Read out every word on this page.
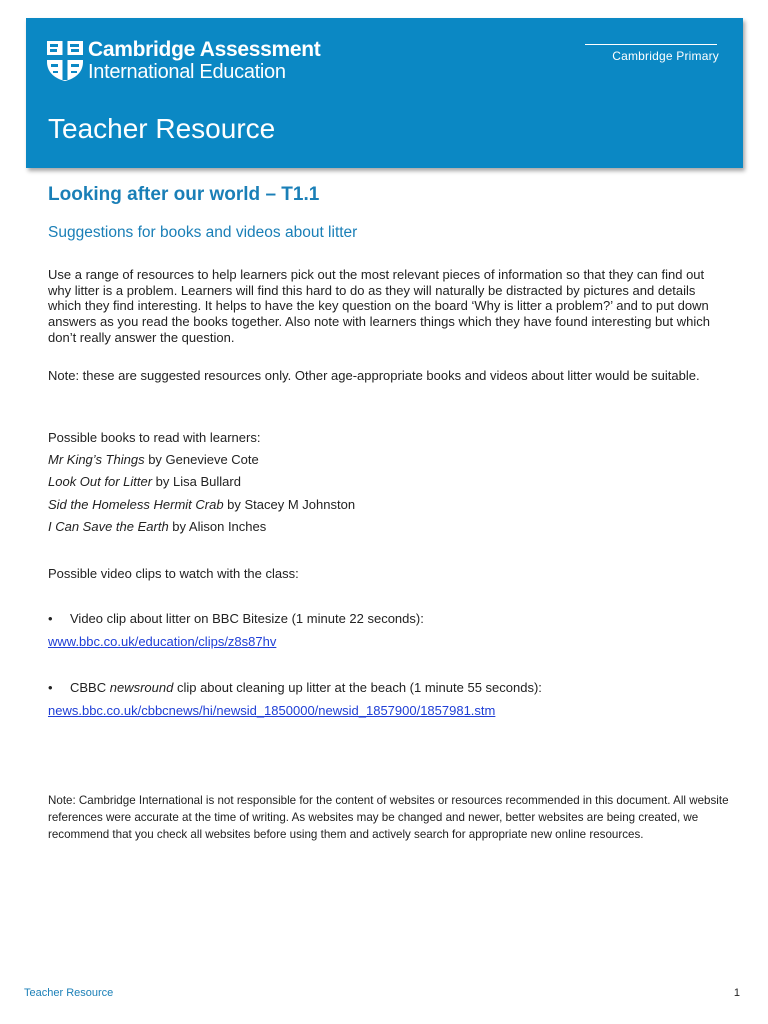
Cambridge Assessment
International Education
Cambridge Primary
Teacher Resource
Looking after our world – T1.1
Suggestions for books and videos about litter
Use a range of resources to help learners pick out the most relevant pieces of information so that they can find out why litter is a problem. Learners will find this hard to do as they will naturally be distracted by pictures and details which they find interesting. It helps to have the key question on the board ‘Why is litter a problem?’ and to put down answers as you read the books together. Also note with learners things which they have found interesting but which don’t really answer the question.
Note: these are suggested resources only. Other age-appropriate books and videos about litter would be suitable.
Possible books to read with learners:
Mr King’s Things by Genevieve Cote
Look Out for Litter by Lisa Bullard
Sid the Homeless Hermit Crab by Stacey M Johnston
I Can Save the Earth by Alison Inches
Possible video clips to watch with the class:
• Video clip about litter on BBC Bitesize (1 minute 22 seconds):
www.bbc.co.uk/education/clips/z8s87hv
• CBBC newsround clip about cleaning up litter at the beach (1 minute 55 seconds):
news.bbc.co.uk/cbbcnews/hi/newsid_1850000/newsid_1857900/1857981.stm
Note: Cambridge International is not responsible for the content of websites or resources recommended in this document. All website references were accurate at the time of writing. As websites may be changed and newer, better websites are being created, we recommend that you check all websites before using them and actively search for appropriate new online resources.
Teacher Resource	1
